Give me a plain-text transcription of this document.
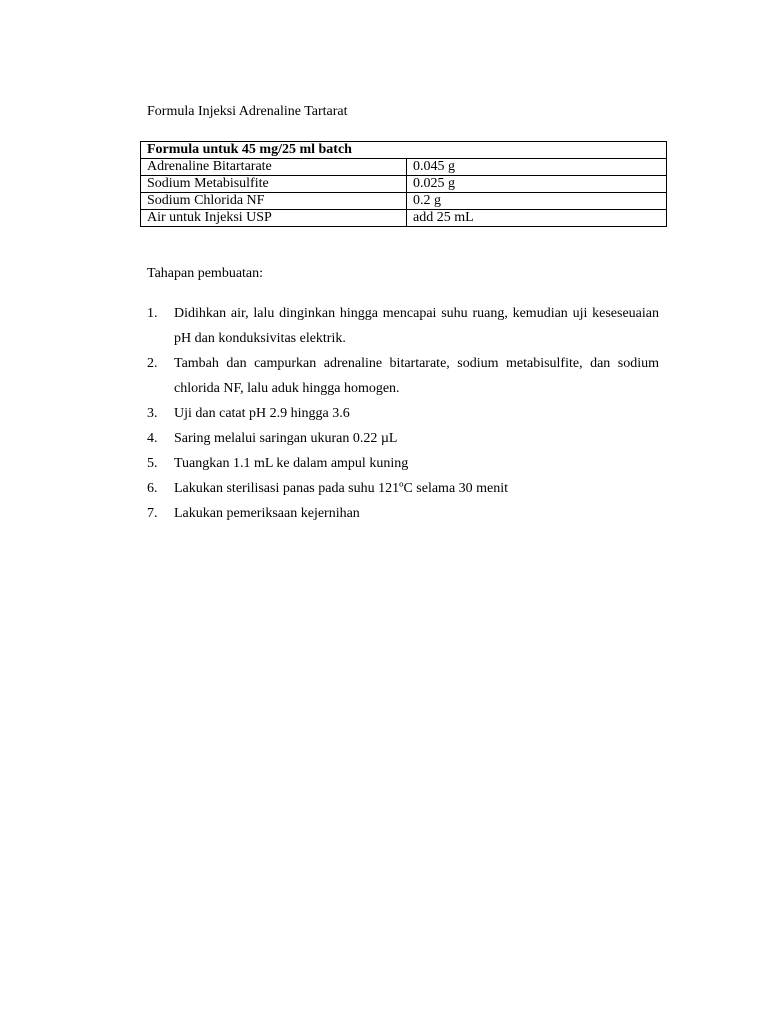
Formula Injeksi Adrenaline Tartarat
Formula untuk 45 mg/25 ml batch	
Adrenaline Bitartarate	0.045 g
Sodium Metabisulfite	0.025 g
Sodium Chlorida NF	0.2 g
Air untuk Injeksi USP	add 25 mL

Tahapan pembuatan:

1.	Didihkan air, lalu dinginkan hingga mencapai suhu ruang, kemudian uji keseseuaian pH dan konduksivitas elektrik.
2.	Tambah dan campurkan adrenaline bitartarate, sodium metabisulfite, dan sodium chlorida NF, lalu aduk hingga homogen.
3.	Uji dan catat pH 2.9 hingga 3.6
4.	Saring melalui saringan ukuran 0.22 µL
5.	Tuangkan 1.1 mL ke dalam ampul kuning
6.	Lakukan sterilisasi panas pada suhu 121ºC selama 30 menit
7.	Lakukan pemeriksaan kejernihan
